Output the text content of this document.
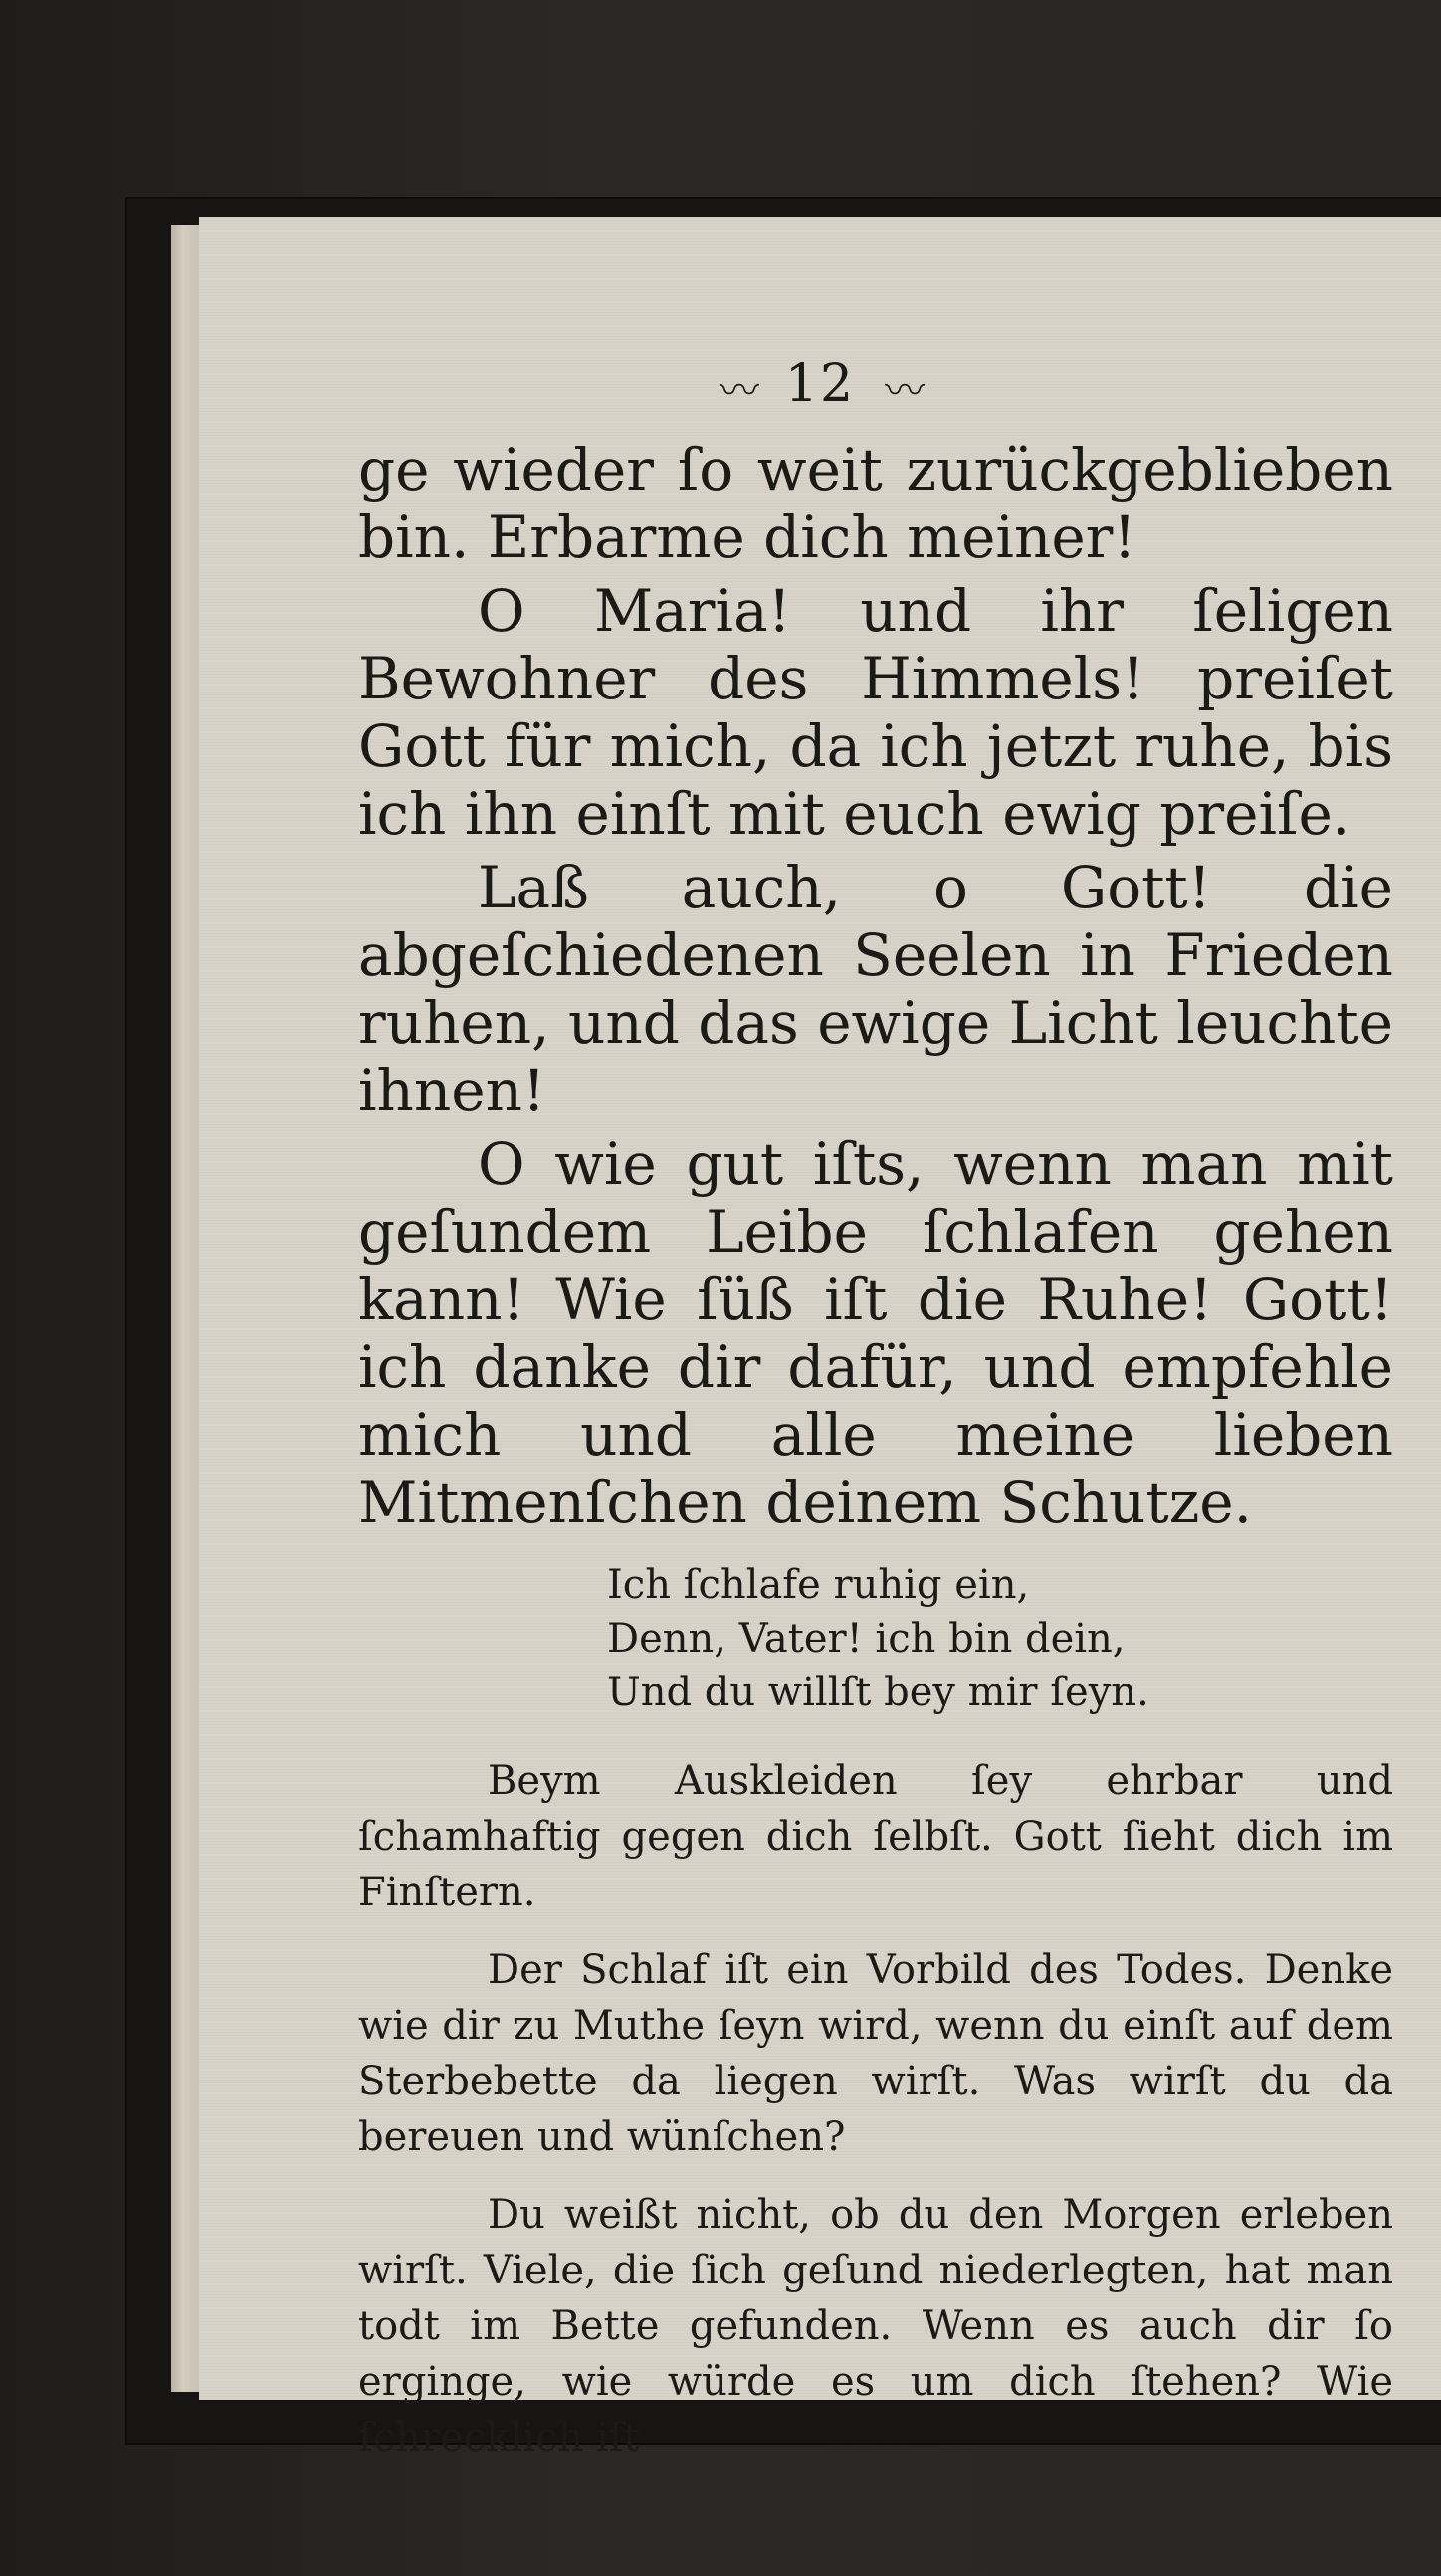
〰 12 〰

ge wieder ſo weit zurückgeblieben bin. Erbarme dich meiner!

O Maria! und ihr ſeligen Bewohner des Himmels! preiſet Gott für mich, da ich jetzt ruhe, bis ich ihn einſt mit euch ewig preiſe.

Laß auch, o Gott! die abgeſchiedenen Seelen in Frieden ruhen, und das ewige Licht leuchte ihnen!

O wie gut iſts, wenn man mit geſundem Leibe ſchlafen gehen kann! Wie ſüß iſt die Ruhe! Gott! ich danke dir dafür, und empfehle mich und alle meine lieben Mitmenſchen deinem Schutze.

Ich ſchlafe ruhig ein,
Denn, Vater! ich bin dein,
Und du willſt bey mir ſeyn.

Beym Auskleiden ſey ehrbar und ſchamhaftig gegen dich ſelbſt. Gott ſieht dich im Finſtern.

Der Schlaf iſt ein Vorbild des Todes. Denke wie dir zu Muthe ſeyn wird, wenn du einſt auf dem Sterbebette da liegen wirſt. Was wirſt du da bereuen und wünſchen?

Du weißt nicht, ob du den Morgen erleben wirſt. Viele, die ſich geſund niederlegten, hat man todt im Bette gefunden. Wenn es auch dir ſo erginge, wie würde es um dich ſtehen? Wie ſchrecklich iſt
